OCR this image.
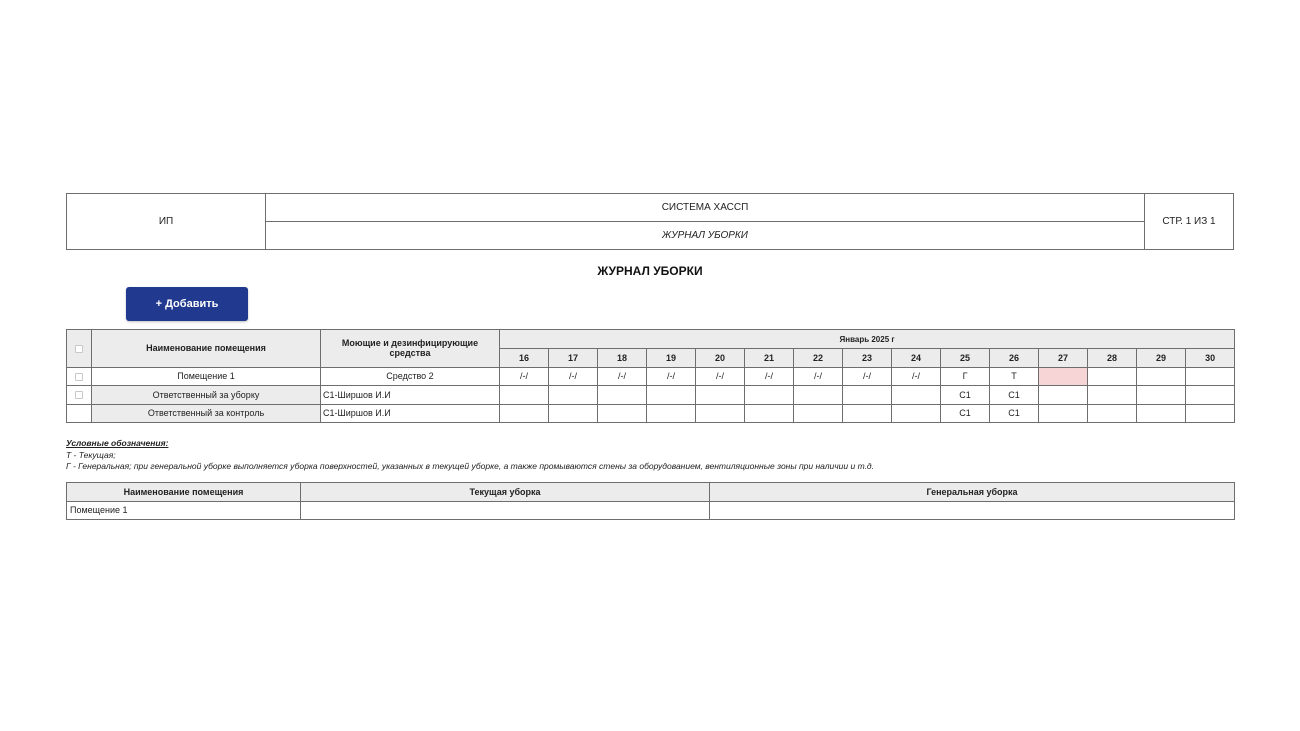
ИП	СИСТЕМА ХАССП	СТР. 1 ИЗ 1
ЖУРНАЛ УБОРКИ
ЖУРНАЛ УБОРКИ
+ Добавить
	Наименование помещения	Моющие и дезинфицирующие средства	Январь 2025 г														
			16	17	18	19	20	21	22	23	24	25	26	27	28	29	30
	Помещение 1	Средство 2	/-/	/-/	/-/	/-/	/-/	/-/	/-/	/-/	/-/	Г	Т				
	Ответственный за уборку	С1-Ширшов И.И										С1	С1				
	Ответственный за контроль	С1-Ширшов И.И										С1	С1				
Условные обозначения:
Т - Текущая;
Г - Генеральная; при генеральной уборке выполняется уборка поверхностей, указанных в текущей уборке, а также промываются стены за оборудованием, вентиляционные зоны при наличии и т.д.
Наименование помещения	Текущая уборка	Генеральная уборка
Помещение 1		
